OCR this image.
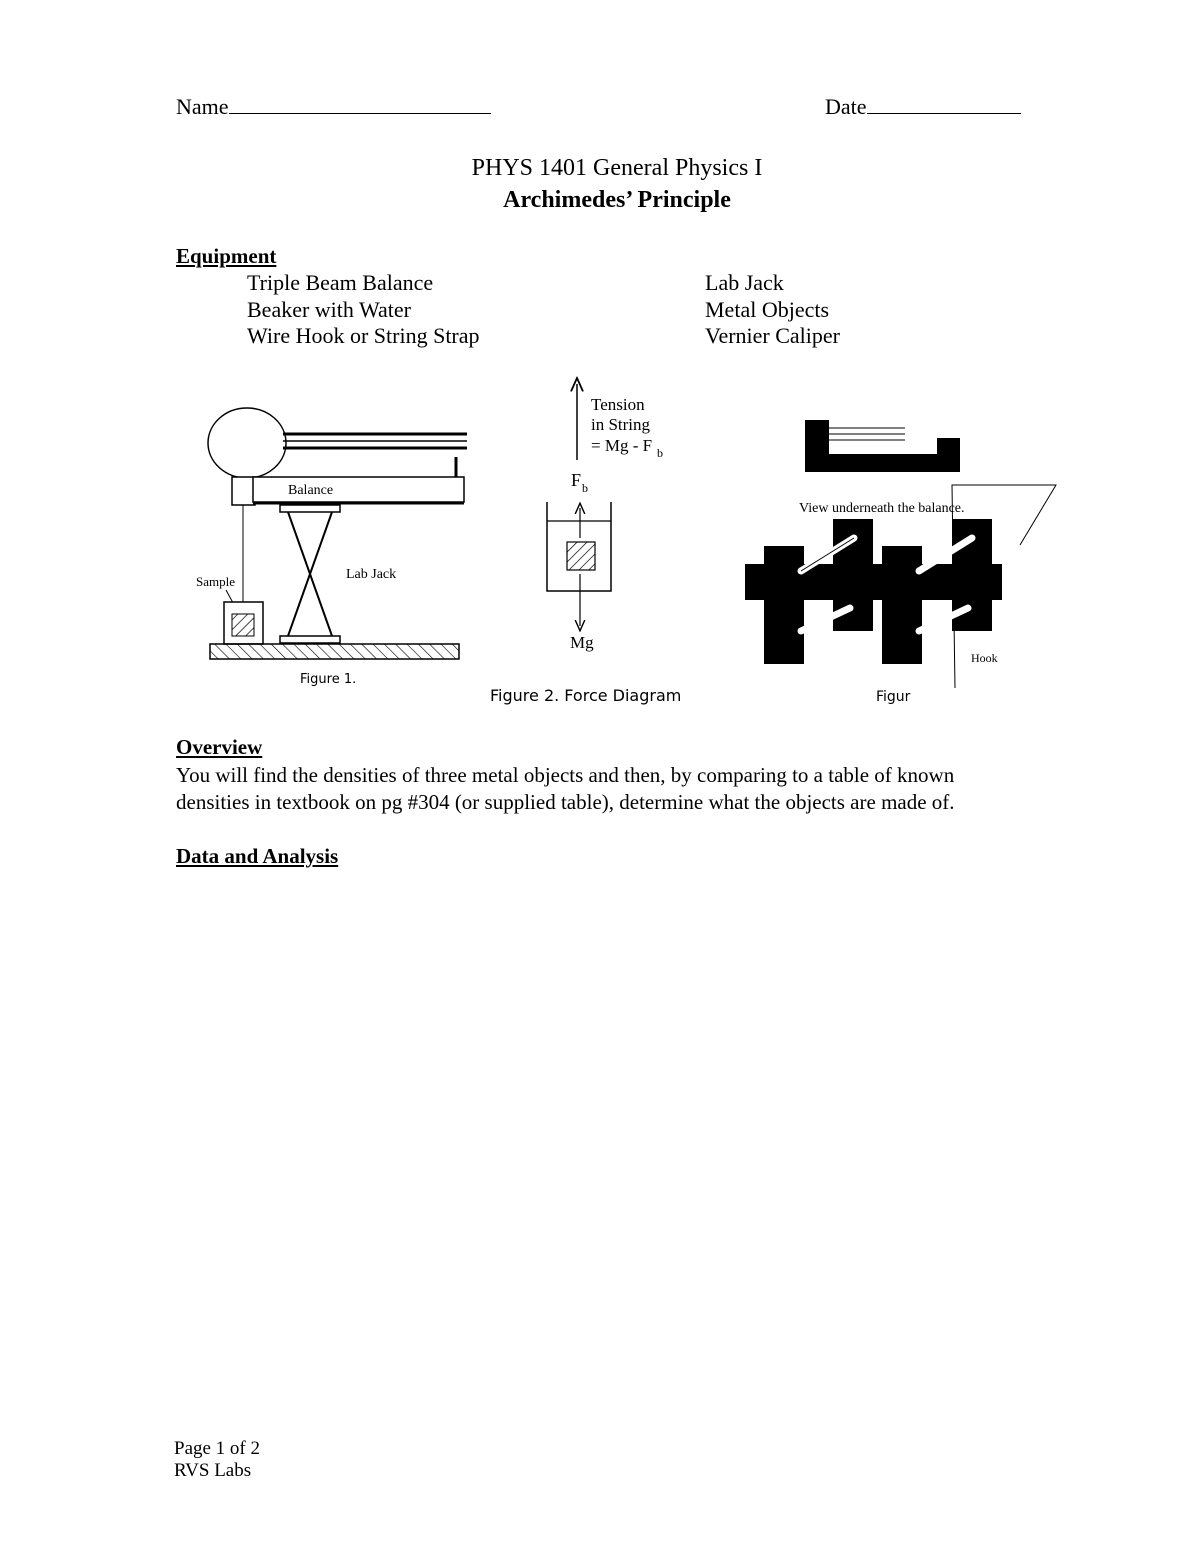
Name	Date
PHYS 1401 General Physics I
Archimedes’ Principle
Equipment
Triple Beam Balance
Beaker with Water
Wire Hook or String Strap
Lab Jack
Metal Objects
Vernier Caliper
Balance
Lab Jack
Sample
Figure 1.
Tension
in String
= Mg - F b
F b
Mg
Figure 2. Force Diagram
View underneath the balance.
Hook
Figur
Overview
You will find the densities of three metal objects and then, by comparing to a table of known
densities in textbook on pg #304 (or supplied table), determine what the objects are made of.
Data and Analysis
Page 1 of 2
RVS Labs
